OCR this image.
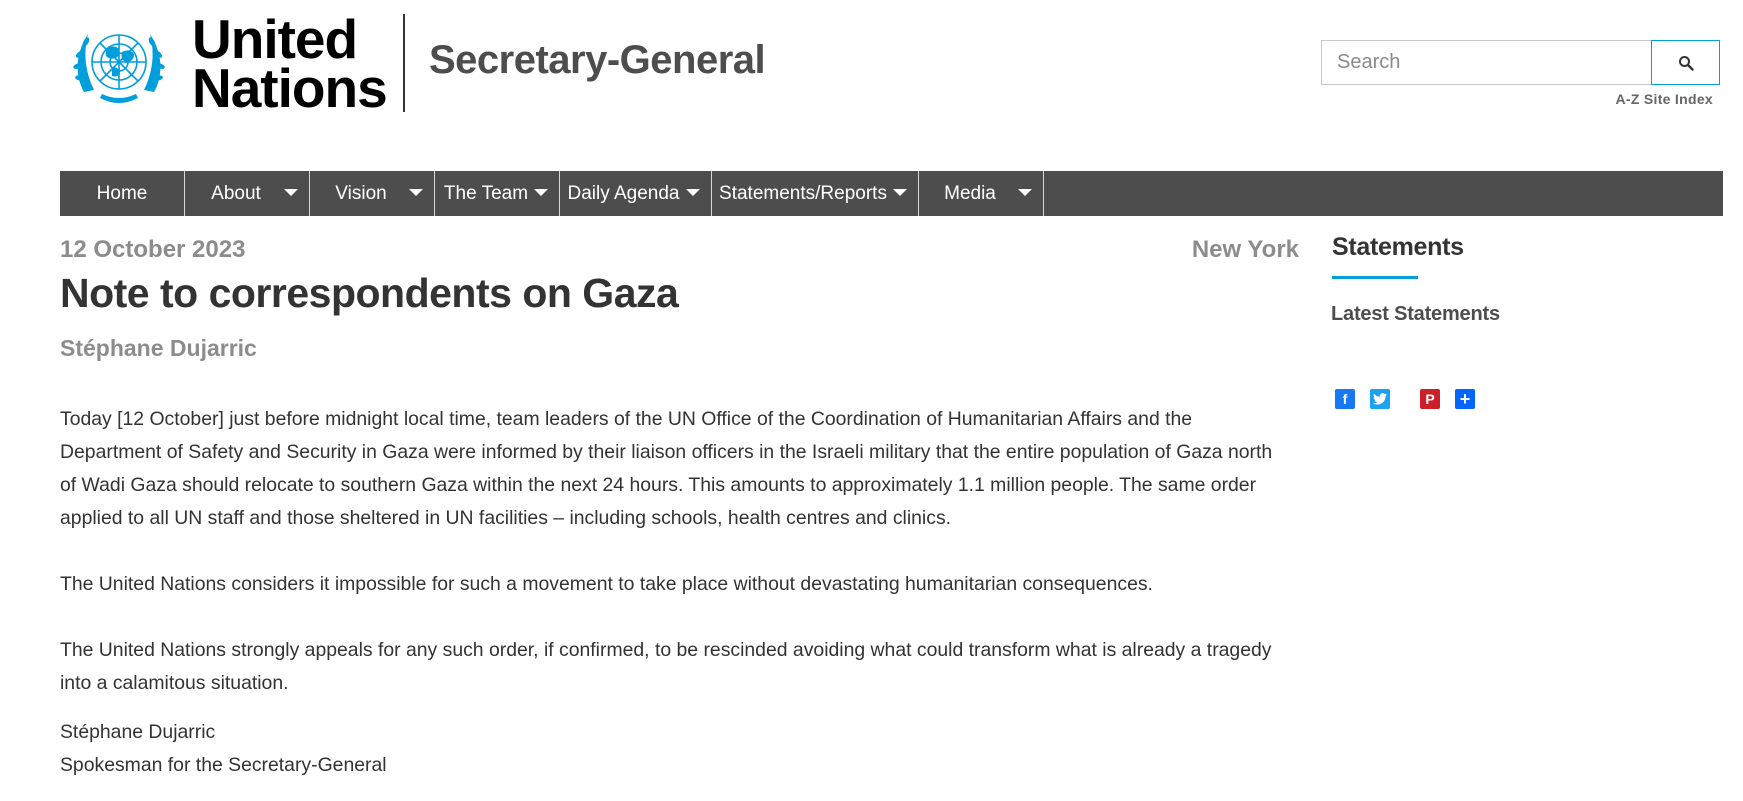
United
Nations Secretary-General
Search
A-Z Site Index
Home	About	Vision	The Team Daily Agenda Statements/Reports	Media
12 October 2023	New York
Note to correspondents on Gaza
Stéphane Dujarric

Today [12 October] just before midnight local time, team leaders of the UN Office of the Coordination of Humanitarian Affairs and the Department of Safety and Security in Gaza were informed by their liaison officers in the Israeli military that the entire population of Gaza north of Wadi Gaza should relocate to southern Gaza within the next 24 hours. This amounts to approximately 1.1 million people. The same order applied to all UN staff and those sheltered in UN facilities – including schools, health centres and clinics.

The United Nations considers it impossible for such a movement to take place without devastating humanitarian consequences.

The United Nations strongly appeals for any such order, if confirmed, to be rescinded avoiding what could transform what is already a tragedy into a calamitous situation.

Stéphane Dujarric
Spokesman for the Secretary-General
Statements
Latest Statements
f	P +
